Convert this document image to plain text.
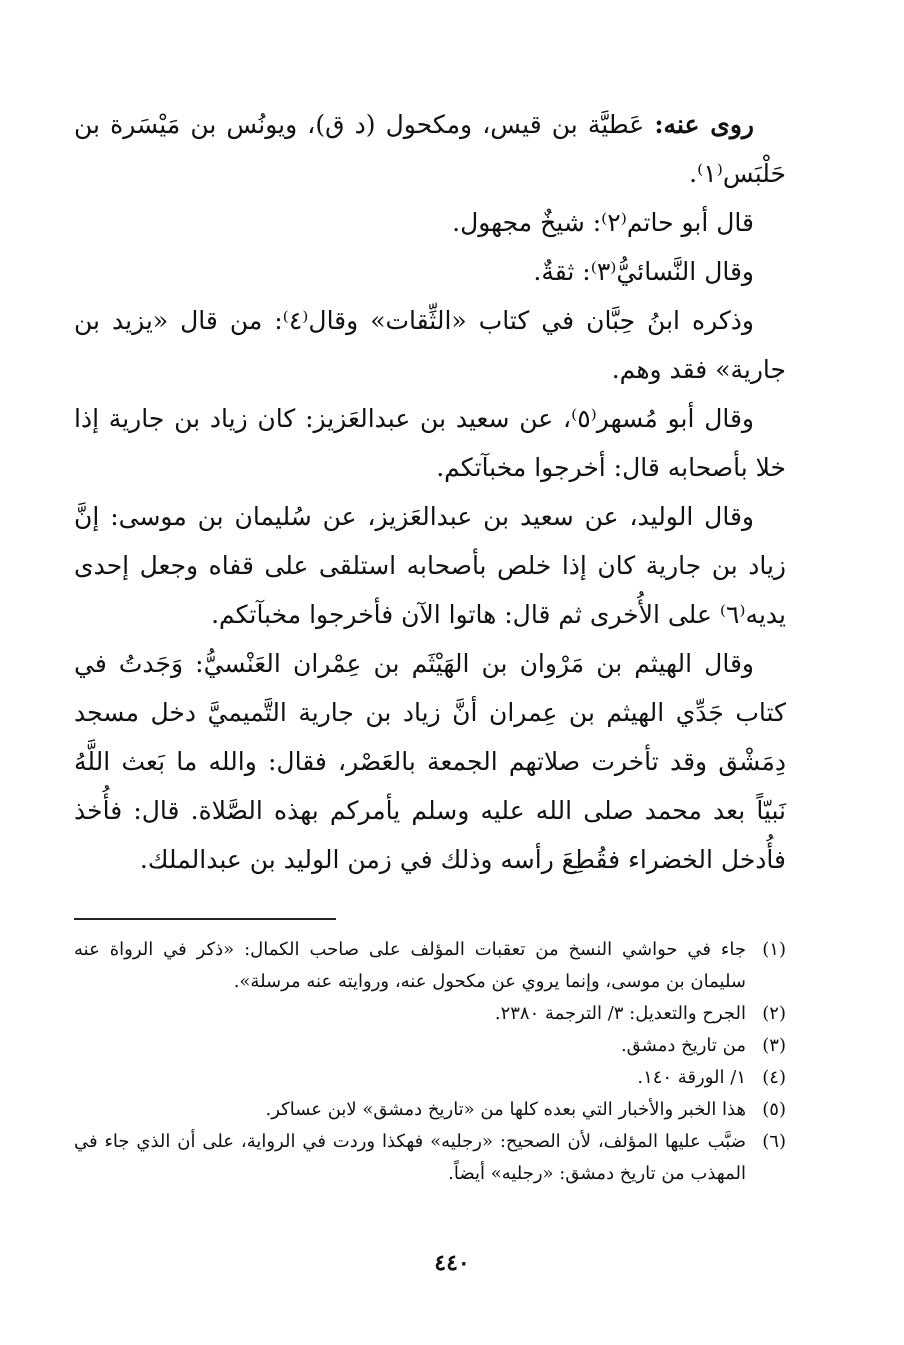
روى عنه: عَطيَّة بن قيس، ومكحول (د ق)، ويونُس بن مَيْسَرة بن حَلْبَس⁽١⁾.

قال أبو حاتم⁽٢⁾: شيخٌ مجهول.

وقال النَّسائيُّ⁽٣⁾: ثقةٌ.

وذكره ابنُ حِبَّان في كتاب «الثِّقات» وقال⁽٤⁾: من قال «يزيد بن جارية» فقد وهم.

وقال أبو مُسهر⁽٥⁾، عن سعيد بن عبدالعَزيز: كان زياد بن جارية إذا خلا بأصحابه قال: أخرجوا مخبآتكم.

وقال الوليد، عن سعيد بن عبدالعَزيز، عن سُليمان بن موسى: إنَّ زياد بن جارية كان إذا خلص بأصحابه استلقى على قفاه وجعل إحدى يديه⁽٦⁾ على الأُخرى ثم قال: هاتوا الآن فأخرجوا مخبآتكم.

وقال الهيثم بن مَرْوان بن الهَيْثَم بن عِمْران العَنْسيُّ: وَجَدتُ في كتاب جَدِّي الهيثم بن عِمران أنَّ زياد بن جارية التَّميميَّ دخل مسجد دِمَشْق وقد تأخرت صلاتهم الجمعة بالعَصْر، فقال: والله ما بَعث اللَّهُ نَبيّاً بعد محمد صلى الله عليه وسلم يأمركم بهذه الصَّلاة. قال: فأُخذ فأُدخل الخضراء فقُطِعَ رأسه وذلك في زمن الوليد بن عبدالملك.

(١)
جاء في حواشي النسخ من تعقبات المؤلف على صاحب الكمال: «ذكر في الرواة عنه سليمان بن موسى، وإنما يروي عن مكحول عنه، وروايته عنه مرسلة».
(٢)
الجرح والتعديل: ٣/ الترجمة ٢٣٨٠.
(٣)
من تاريخ دمشق.
(٤)
١/ الورقة ١٤٠.
(٥)
هذا الخبر والأخبار التي بعده كلها من «تاريخ دمشق» لابن عساكر.
(٦)
ضبَّب عليها المؤلف، لأن الصحيح: «رجليه» فهكذا وردت في الرواية، على أن الذي جاء في المهذب من تاريخ دمشق: «رجليه» أيضاً.
٤٤٠
